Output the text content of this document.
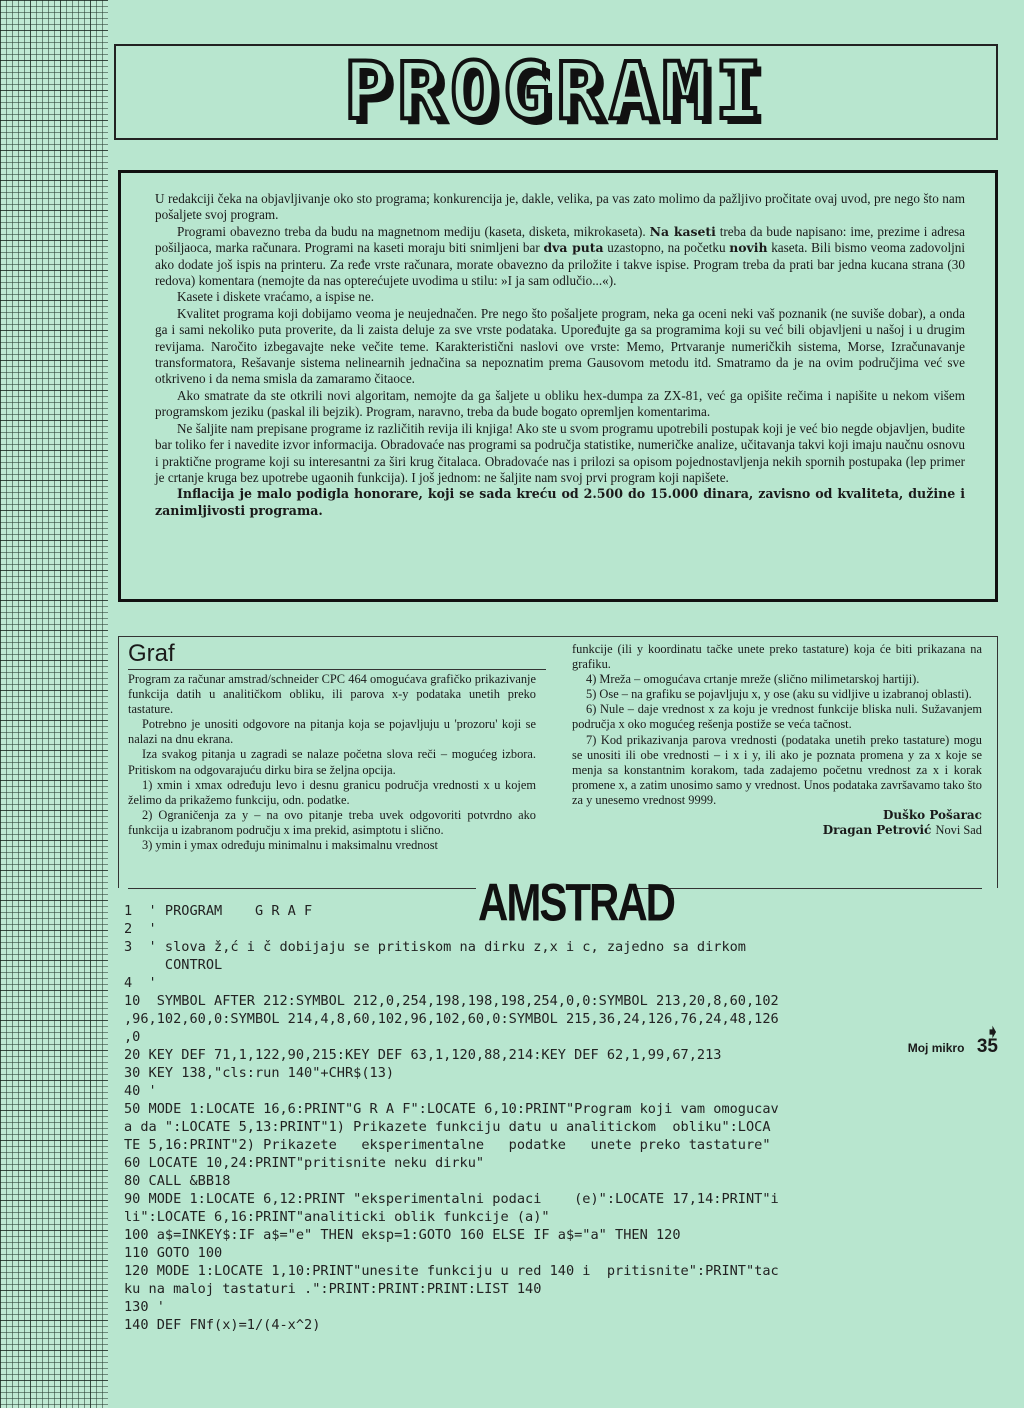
PROGRAMI

U redakciji čeka na objavljivanje oko sto programa; konkurencija je, dakle, velika, pa vas zato molimo da pažljivo pročitate ovaj uvod, pre nego što nam pošaljete svoj program.

Programi obavezno treba da budu na magnetnom mediju (kaseta, disketa, mikrokaseta). Na kaseti treba da bude napisano: ime, prezime i adresa pošiljaoca, marka računara. Programi na kaseti moraju biti snimljeni bar dva puta uzastopno, na početku novih kaseta. Bili bismo veoma zadovoljni ako dodate još ispis na printeru. Za ređe vrste računara, morate obavezno da priložite i takve ispise. Program treba da prati bar jedna kucana strana (30 redova) komentara (nemojte da nas opterećujete uvodima u stilu: »I ja sam odlučio...«).

Kasete i diskete vraćamo, a ispise ne.

Kvalitet programa koji dobijamo veoma je neujednačen. Pre nego što pošaljete program, neka ga oceni neki vaš poznanik (ne suviše dobar), a onda ga i sami nekoliko puta proverite, da li zaista deluje za sve vrste podataka. Upoređujte ga sa programima koji su već bili objavljeni u našoj i u drugim revijama. Naročito izbegavajte neke večite teme. Karakteristični naslovi ove vrste: Memo, Prtvaranje numeričkih sistema, Morse, Izračunavanje transformatora, Rešavanje sistema nelinearnih jednačina sa nepoznatim prema Gausovom metodu itd. Smatramo da je na ovim područjima već sve otkriveno i da nema smisla da zamaramo čitaoce.

Ako smatrate da ste otkrili novi algoritam, nemojte da ga šaljete u obliku hex-dumpa za ZX-81, već ga opišite rečima i napišite u nekom višem programskom jeziku (paskal ili bejzik). Program, naravno, treba da bude bogato opremljen komentarima.

Ne šaljite nam prepisane programe iz različitih revija ili knjiga! Ako ste u svom programu upotrebili postupak koji je već bio negde objavljen, budite bar toliko fer i navedite izvor informacija. Obradovaće nas programi sa područja statistike, numeričke analize, učitavanja takvi koji imaju naučnu osnovu i praktične programe koji su interesantni za širi krug čitalaca. Obradovaće nas i prilozi sa opisom pojednostavljenja nekih spornih postupaka (lep primer je crtanje kruga bez upotrebe ugaonih funkcija). I još jednom: ne šaljite nam svoj prvi program koji napišete.

Inflacija je malo podigla honorare, koji se sada kreću od 2.500 do 15.000 dinara, zavisno od kvaliteta, dužine i zanimljivosti programa.

Graf

Program za računar amstrad/schneider CPC 464 omogućava grafičko prikazivanje funkcija datih u analitičkom obliku, ili parova x-y podataka unetih preko tastature.

Potrebno je unositi odgovore na pitanja koja se pojavljuju u 'prozoru' koji se nalazi na dnu ekrana.

Iza svakog pitanja u zagradi se nalaze početna slova reči – mogućeg izbora. Pritiskom na odgovarajuću dirku bira se željna opcija.

1) xmin i xmax određuju levo i desnu granicu područja vrednosti x u kojem želimo da prikažemo funkciju, odn. podatke.

2) Ograničenja za y – na ovo pitanje treba uvek odgovoriti potvrdno ako funkcija u izabranom području x ima prekid, asimptotu i slično.

3) ymin i ymax određuju minimalnu i maksimalnu vrednost

funkcije (ili y koordinatu tačke unete preko tastature) koja će biti prikazana na grafiku.

4) Mreža – omogućava crtanje mreže (slično milimetarskoj hartiji).

5) Ose – na grafiku se pojavljuju x, y ose (aku su vidljive u izabranoj oblasti).

6) Nule – daje vrednost x za koju je vrednost funkcije bliska nuli. Sužavanjem područja x oko mogućeg rešenja postiže se veća tačnost.

7) Kod prikazivanja parova vrednosti (podataka unetih preko tastature) mogu se unositi ili obe vrednosti – i x i y, ili ako je poznata promena y za x koje se menja sa konstantnim korakom, tada zadajemo početnu vrednost za x i korak promene x, a zatim unosimo samo y vrednost. Unos podataka završavamo tako što za y unesemo vrednost 9999.

Duško Pošarac
Dragan Petrović Novi Sad
AMSTRAD
1  ' PROGRAM    G R A F
2  '
3  ' slova ž,ć i č dobijaju se pritiskom na dirku z,x i c, zajedno sa dirkom
CONTROL
4  '
10  SYMBOL AFTER 212:SYMBOL 212,0,254,198,198,198,254,0,0:SYMBOL 213,20,8,60,102
,96,102,60,0:SYMBOL 214,4,8,60,102,96,102,60,0:SYMBOL 215,36,24,126,76,24,48,126
,0
20 KEY DEF 71,1,122,90,215:KEY DEF 63,1,120,88,214:KEY DEF 62,1,99,67,213
30 KEY 138,"cls:run 140"+CHR$(13)
40 '
50 MODE 1:LOCATE 16,6:PRINT"G R A F":LOCATE 6,10:PRINT"Program koji vam omogucav
a da ":LOCATE 5,13:PRINT"1) Prikazete funkciju datu u analitickom  obliku":LOCA
TE 5,16:PRINT"2) Prikazete   eksperimentalne   podatke   unete preko tastature"
60 LOCATE 10,24:PRINT"pritisnite neku dirku"
80 CALL &BB18
90 MODE 1:LOCATE 6,12:PRINT "eksperimentalni podaci    (e)":LOCATE 17,14:PRINT"i
li":LOCATE 6,16:PRINT"analiticki oblik funkcije (a)"
100 a$=INKEY$:IF a$="e" THEN eksp=1:GOTO 160 ELSE IF a$="a" THEN 120
110 GOTO 100
120 MODE 1:LOCATE 1,10:PRINT"unesite funkciju u red 140 i  pritisnite":PRINT"tac
ku na maloj tastaturi .":PRINT:PRINT:PRINT:LIST 140
130 '
140 DEF FNf(x)=1/(4-x^2)
➧
Moj mikro 35
